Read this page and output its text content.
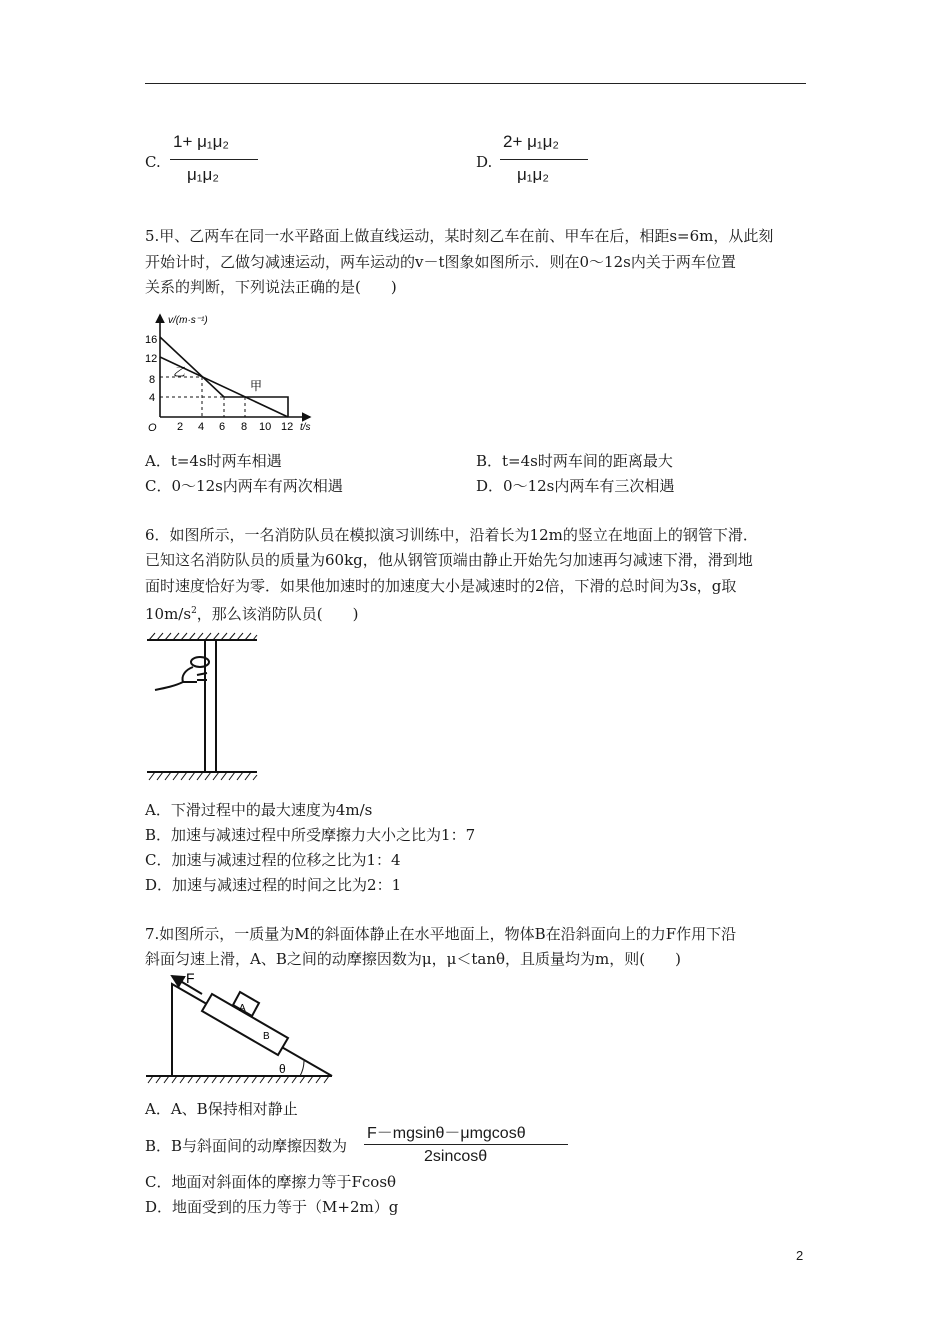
C.
1+ μ₁μ₂
μ₁μ₂
D.
2+ μ₁μ₂
μ₁μ₂
5.甲、乙两车在同一水平路面上做直线运动，某时刻乙车在前、甲车在后，相距s=6m，从此刻
开始计时，乙做匀减速运动，两车运动的v－t图象如图所示．则在0～12s内关于两车位置
关系的判断，下列说法正确的是(　　)
v/(m·s⁻¹)
t/s
O
16
12
8
4
2 4 6 8 10 12
乙
甲
A．t=4s时两车相遇	B．t=4s时两车间的距离最大
C．0～12s内两车有两次相遇	D．0～12s内两车有三次相遇
6．如图所示，一名消防队员在模拟演习训练中，沿着长为12m的竖立在地面上的钢管下滑．
已知这名消防队员的质量为60kg，他从钢管顶端由静止开始先匀加速再匀减速下滑，滑到地
面时速度恰好为零．如果他加速时的加速度大小是减速时的2倍，下滑的总时间为3s，g取
$10m/s^2$，那么该消防队员(　　)
A．下滑过程中的最大速度为4m/s
B．加速与减速过程中所受摩擦力大小之比为1：7
C．加速与减速过程的位移之比为1：4
D．加速与减速过程的时间之比为2：1
7.如图所示，一质量为M的斜面体静止在水平地面上，物体B在沿斜面向上的力F作用下沿
斜面匀速上滑，A、B之间的动摩擦因数为μ，μ＜tanθ，且质量均为m，则(　　)
F
A
B
θ
A．A、B保持相对静止
B．B与斜面间的动摩擦因数为
F－mgsinθ－μmgcosθ
2sincosθ
C．地面对斜面体的摩擦力等于Fcosθ
D．地面受到的压力等于（M+2m）g
2
